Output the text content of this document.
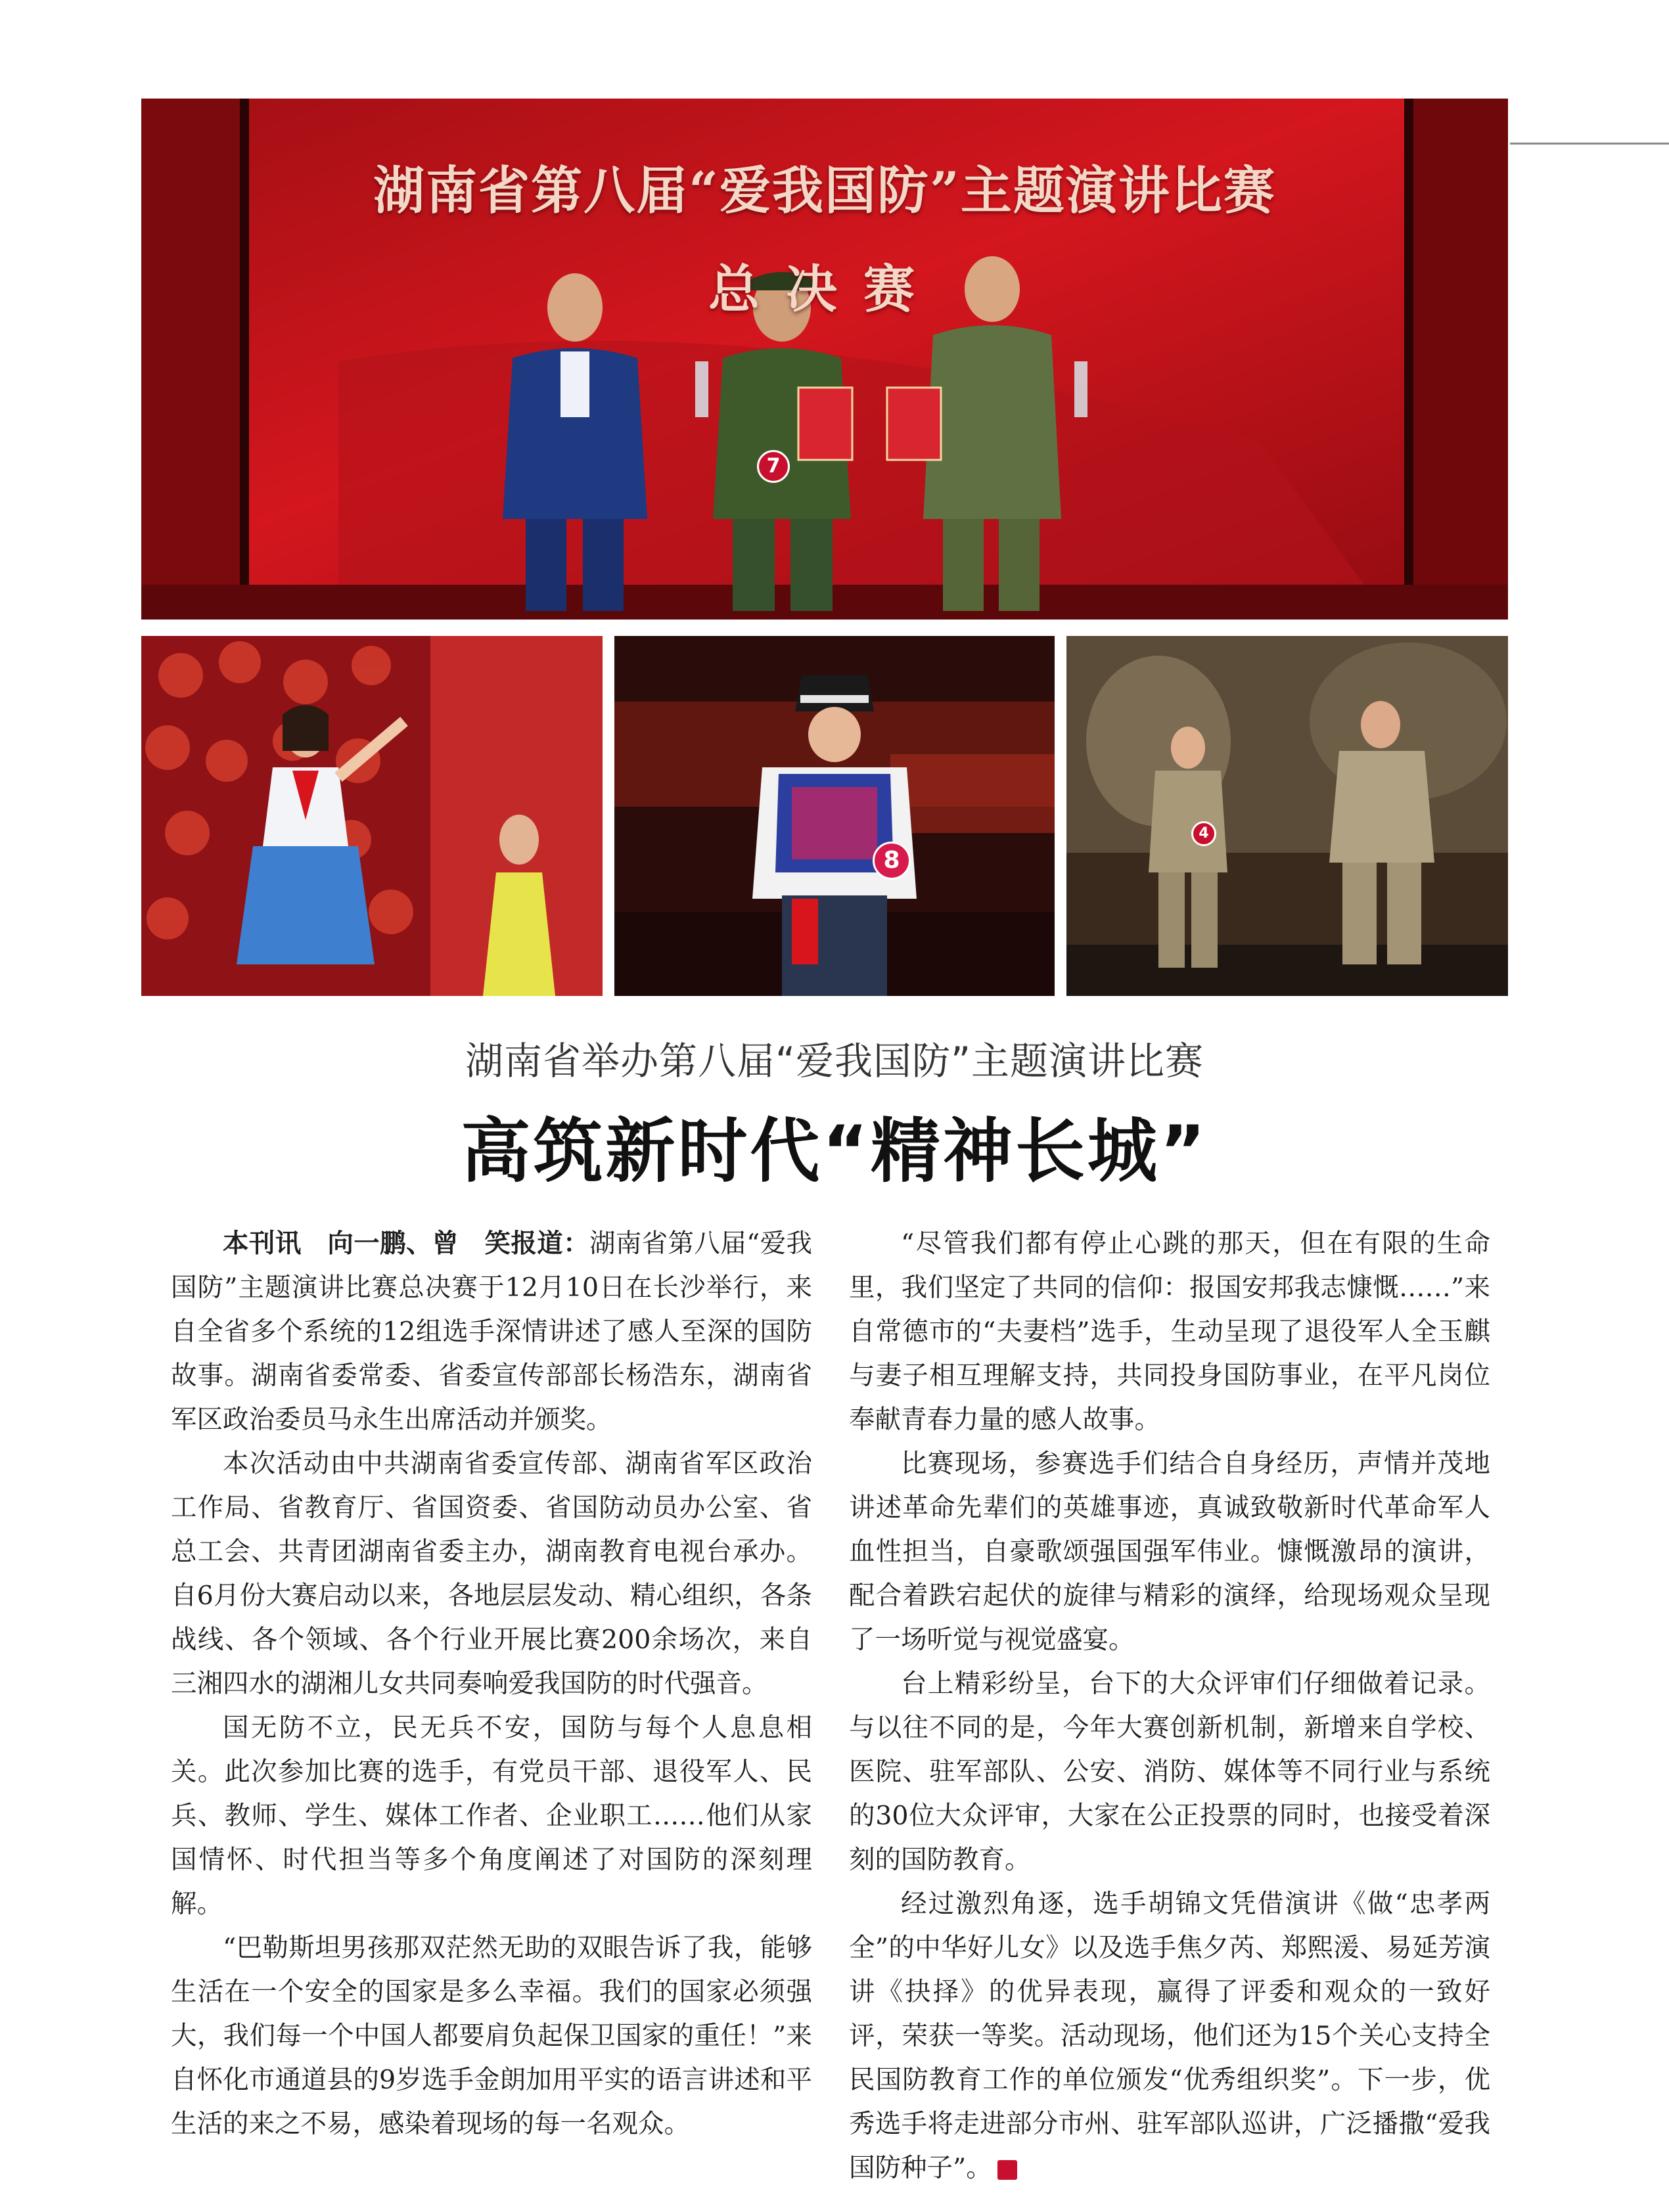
湖南省第八届“爱我国防”主题演讲比赛
总决赛
7
8
4
湖南省举办第八届“爱我国防”主题演讲比赛
高筑新时代“精神长城”

本刊讯　向一鹏、曾　笑报道：湖南省第八届“爱我国防”主题演讲比赛总决赛于12月10日在长沙举行，来自全省多个系统的12组选手深情讲述了感人至深的国防故事。湖南省委常委、省委宣传部部长杨浩东，湖南省军区政治委员马永生出席活动并颁奖。

本次活动由中共湖南省委宣传部、湖南省军区政治工作局、省教育厅、省国资委、省国防动员办公室、省总工会、共青团湖南省委主办，湖南教育电视台承办。自6月份大赛启动以来，各地层层发动、精心组织，各条战线、各个领域、各个行业开展比赛200余场次，来自三湘四水的湖湘儿女共同奏响爱我国防的时代强音。

国无防不立，民无兵不安，国防与每个人息息相关。此次参加比赛的选手，有党员干部、退役军人、民兵、教师、学生、媒体工作者、企业职工……他们从家国情怀、时代担当等多个角度阐述了对国防的深刻理解。

“巴勒斯坦男孩那双茫然无助的双眼告诉了我，能够生活在一个安全的国家是多么幸福。我们的国家必须强大，我们每一个中国人都要肩负起保卫国家的重任！”来自怀化市通道县的9岁选手金朗加用平实的语言讲述和平生活的来之不易，感染着现场的每一名观众。

“尽管我们都有停止心跳的那天，但在有限的生命里，我们坚定了共同的信仰：报国安邦我志慷慨……”来自常德市的“夫妻档”选手，生动呈现了退役军人全玉麒与妻子相互理解支持，共同投身国防事业，在平凡岗位奉献青春力量的感人故事。

比赛现场，参赛选手们结合自身经历，声情并茂地讲述革命先辈们的英雄事迹，真诚致敬新时代革命军人血性担当，自豪歌颂强国强军伟业。慷慨激昂的演讲，配合着跌宕起伏的旋律与精彩的演绎，给现场观众呈现了一场听觉与视觉盛宴。

台上精彩纷呈，台下的大众评审们仔细做着记录。与以往不同的是，今年大赛创新机制，新增来自学校、医院、驻军部队、公安、消防、媒体等不同行业与系统的30位大众评审，大家在公正投票的同时，也接受着深刻的国防教育。

经过激烈角逐，选手胡锦文凭借演讲《做“忠孝两全”的中华好儿女》以及选手焦夕芮、郑熙湲、易延芳演讲《抉择》的优异表现，赢得了评委和观众的一致好评，荣获一等奖。活动现场，他们还为15个关心支持全民国防教育工作的单位颁发“优秀组织奖”。下一步，优秀选手将走进部分市州、驻军部队巡讲，广泛播撒“爱我国防种子”。	G
